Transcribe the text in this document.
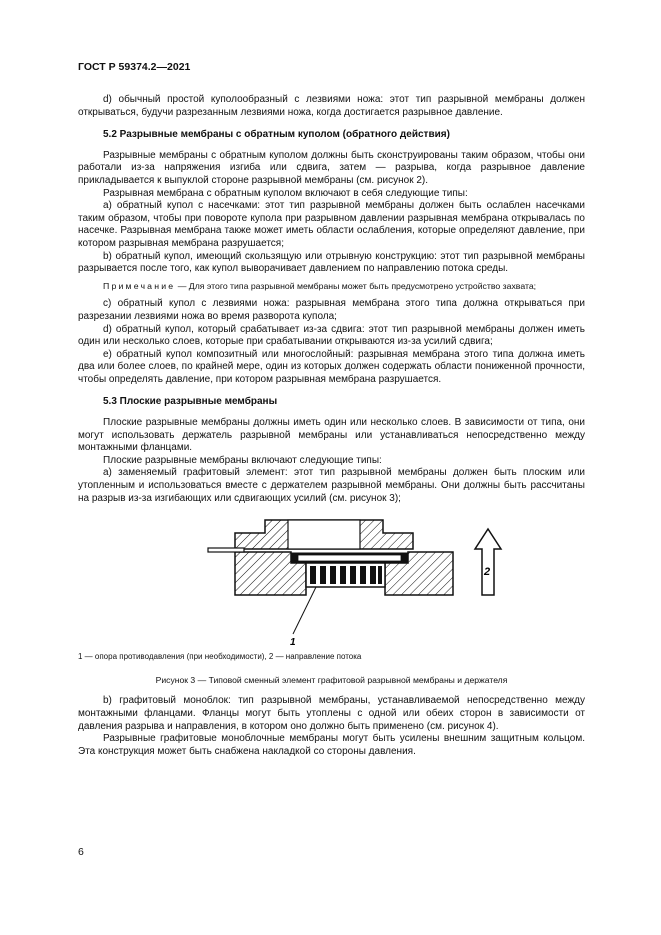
ГОСТ Р 59374.2—2021

d) обычный простой куполообразный с лезвиями ножа: этот тип разрывной мембраны должен открываться, будучи разрезанным лезвиями ножа, когда достигается разрывное давление.

5.2 Разрывные мембраны с обратным куполом (обратного действия)

Разрывные мембраны с обратным куполом должны быть сконструированы таким образом, чтобы они работали из-за напряжения изгиба или сдвига, затем — разрыва, когда разрывное давление прикладывается к выпуклой стороне разрывной мембраны (см. рисунок 2).

Разрывная мембрана с обратным куполом включают в себя следующие типы:

a) обратный купол с насечками: этот тип разрывной мембраны должен быть ослаблен насечками таким образом, чтобы при повороте купола при разрывном давлении разрывная мембрана открывалась по насечке. Разрывная мембрана также может иметь области ослабления, которые определяют давление, при котором разрывная мембрана разрушается;

b) обратный купол, имеющий скользящую или отрывную конструкцию: этот тип разрывной мембраны разрывается после того, как купол выворачивает давлением по направлению потока среды.

Примечание — Для этого типа разрывной мембраны может быть предусмотрено устройство захвата;

c) обратный купол с лезвиями ножа: разрывная мембрана этого типа должна открываться при разрезании лезвиями ножа во время разворота купола;

d) обратный купол, который срабатывает из-за сдвига: этот тип разрывной мембраны должен иметь один или несколько слоев, которые при срабатывании открываются из-за усилий сдвига;

e) обратный купол композитный или многослойный: разрывная мембрана этого типа должна иметь два или более слоев, по крайней мере, один из которых должен содержать области пониженной прочности, чтобы определять давление, при котором разрывная мембрана разрушается.

5.3 Плоские разрывные мембраны

Плоские разрывные мембраны должны иметь один или несколько слоев. В зависимости от типа, они могут использовать держатель разрывной мембраны или устанавливаться непосредственно между монтажными фланцами.

Плоские разрывные мембраны включают следующие типы:

a) заменяемый графитовый элемент: этот тип разрывной мембраны должен быть плоским или утопленным и использоваться вместе с держателем разрывной мембраны. Они должны быть рассчитаны на разрыв из-за изгибающих или сдвигающих усилий (см. рисунок 3);

1
2

1 — опора противодавления (при необходимости), 2 — направление потока

Рисунок 3 — Типовой сменный элемент графитовой разрывной мембраны и держателя

b) графитовый моноблок: тип разрывной мембраны, устанавливаемой непосредственно между монтажными фланцами. Фланцы могут быть утоплены с одной или обеих сторон в зависимости от давления разрыва и направления, в котором оно должно быть применено (см. рисунок 4).

Разрывные графитовые моноблочные мембраны могут быть усилены внешним защитным кольцом. Эта конструкция может быть снабжена накладкой со стороны давления.

6
